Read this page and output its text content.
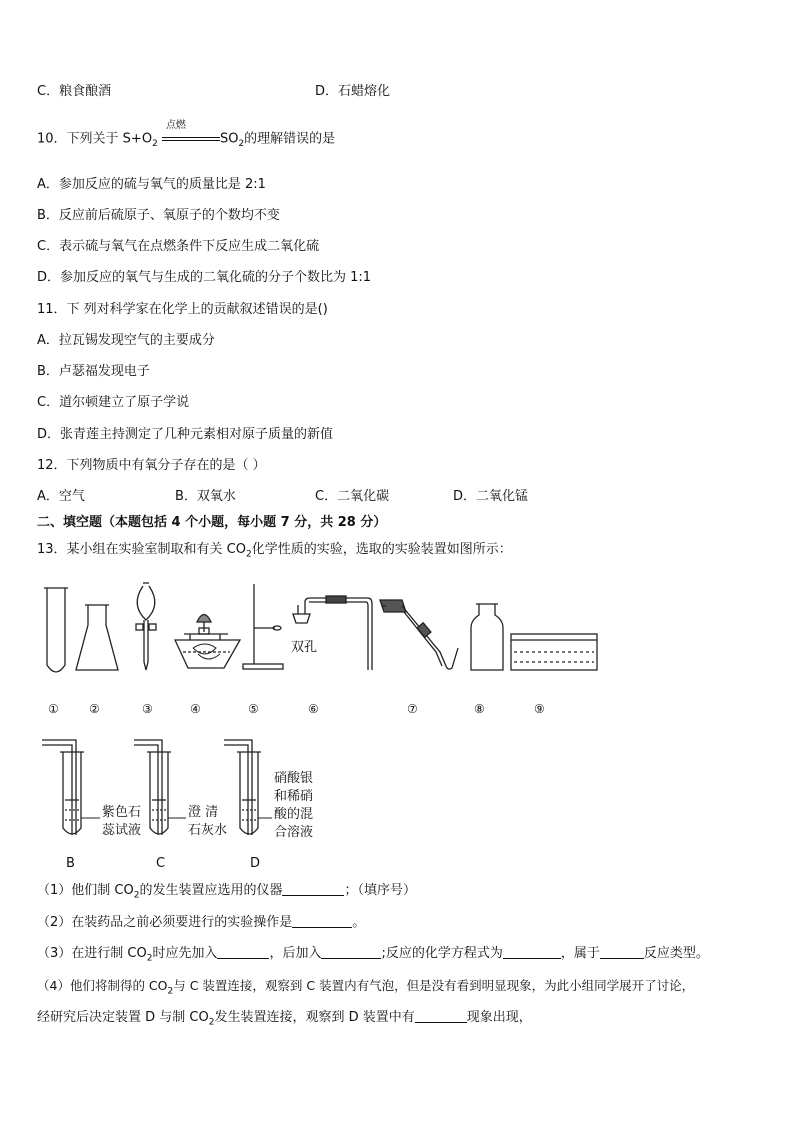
C．粮食酿酒	D．石蜡熔化
10．下列关于 $S+O_2$
点燃
$SO_2$的理解错误的是
A．参加反应的硫与氧气的质量比是 2:1
B．反应前后硫原子、氧原子的个数均不变
C．表示硫与氧气在点燃条件下反应生成二氧化硫
D．参加反应的氧气与生成的二氧化硫的分子个数比为 1:1
11．下 列对科学家在化学上的贡献叙述错误的是()
A．拉瓦锡发现空气的主要成分
B．卢瑟福发现电子
C．道尔顿建立了原子学说
D．张青莲主持测定了几种元素相对原子质量的新值
12．下列物质中有氧分子存在的是（ ）
A．空气	B．双氧水	C．二氧化碳	D．二氧化锰
二、填空题（本题包括 4 个小题，每小题 7 分，共 28 分）
13．某小组在实验室制取和有关 $CO_2$化学性质的实验，选取的实验装置如图所示：
双孔
①	②	③	④	⑤	⑥	⑦	⑧	⑨
紫色石
蕊试液
澄 清
石灰水
硝酸银
和稀硝
酸的混
合溶液
B	C	D
（1）他们制 $CO_2$的发生装置应选用的仪器	；（填序号）
（2）在装药品之前必须要进行的实验操作是	。
（3）在进行制 $CO_2$时应先加入	，后加入	;反应的化学方程式为	，属于	反应类型。
（4）他们将制得的 $CO_2$与 C 装置连接，观察到 C 装置内有气泡，但是没有看到明显现象，为此小组同学展开了讨论，
经研究后决定装置 D 与制 $CO_2$发生装置连接，观察到 D 装置中有	现象出现，
